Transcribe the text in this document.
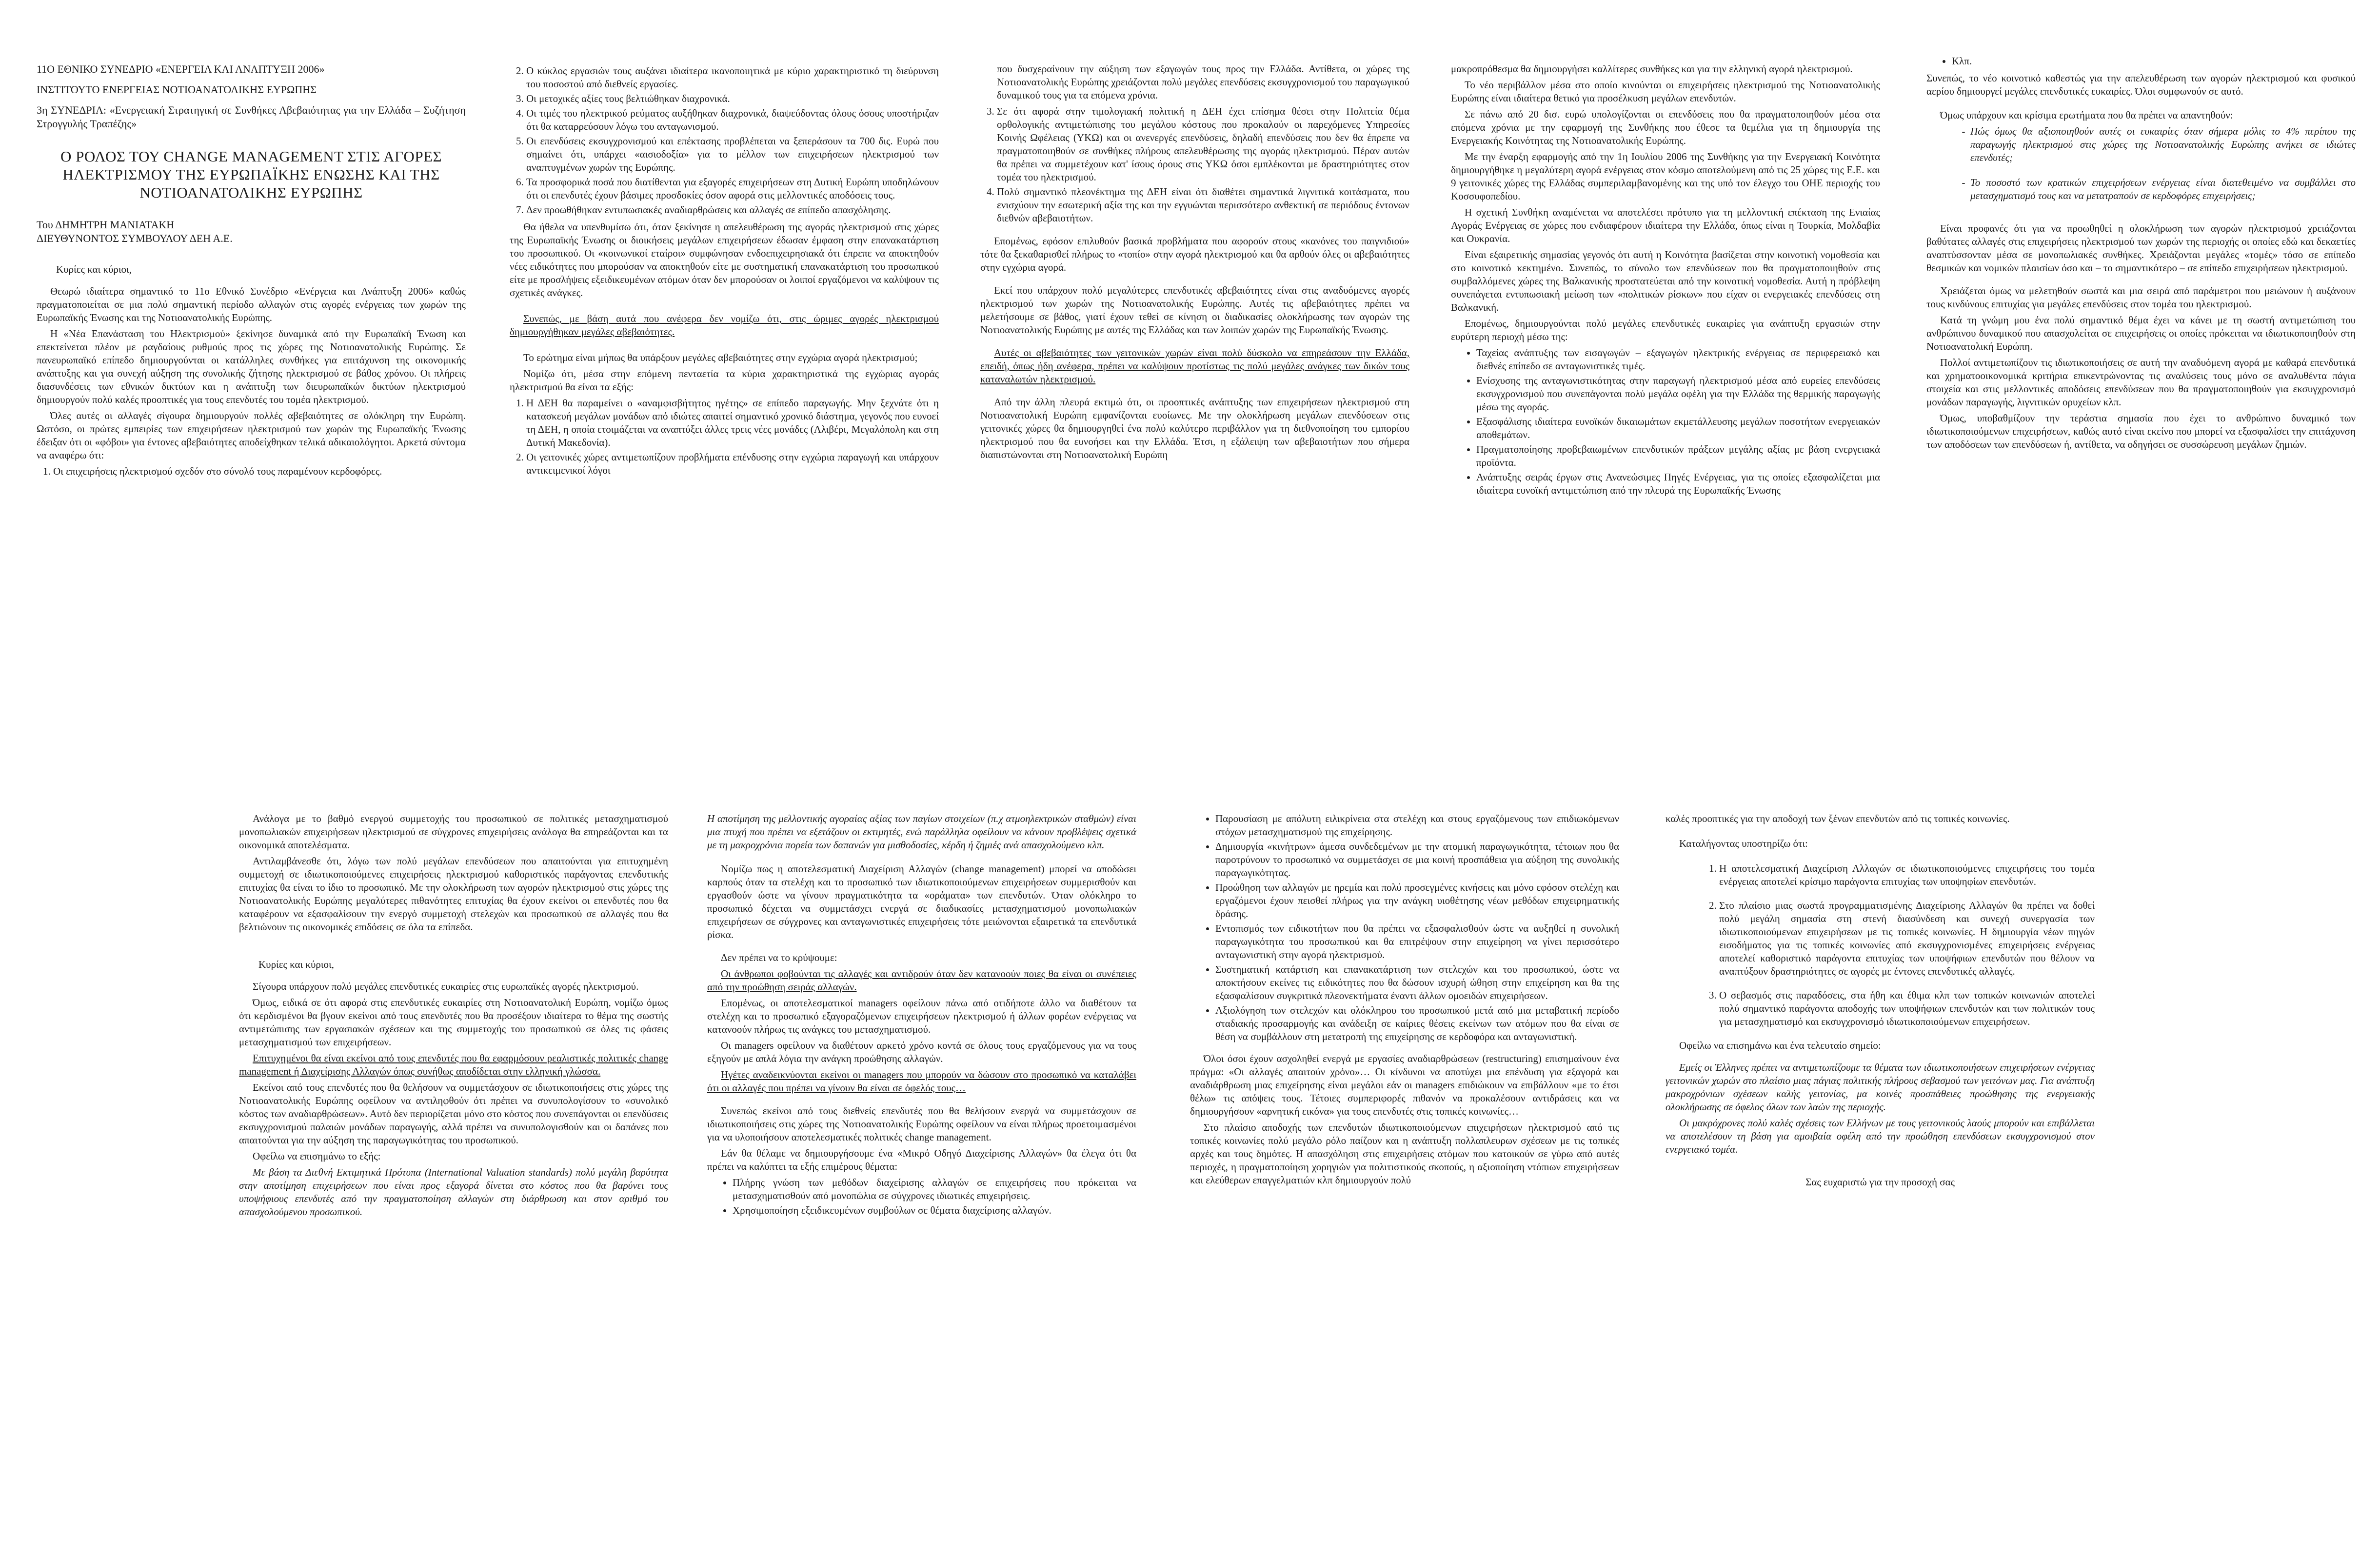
11Ο ΕΘΝΙΚΟ ΣΥΝΕΔΡΙΟ «ΕΝΕΡΓΕΙΑ ΚΑΙ ΑΝΑΠΤΥΞΗ 2006»

ΙΝΣΤΙΤΟΥΤΟ ΕΝΕΡΓΕΙΑΣ ΝΟΤΙΟΑΝΑΤΟΛΙΚΗΣ ΕΥΡΩΠΗΣ

3η ΣΥΝΕΔΡΙΑ: «Ενεργειακή Στρατηγική σε Συνθήκες Αβεβαιότητας για την Ελλάδα – Συζήτηση Στρογγυλής Τραπέζης»

Ο ΡΟΛΟΣ ΤΟΥ CHANGE MANAGEMENT ΣΤΙΣ ΑΓΟΡΕΣ ΗΛΕΚΤΡΙΣΜΟΥ ΤΗΣ ΕΥΡΩΠΑΪΚΗΣ ΕΝΩΣΗΣ ΚΑΙ ΤΗΣ ΝΟΤΙΟΑΝΑΤΟΛΙΚΗΣ ΕΥΡΩΠΗΣ
Του ΔΗΜΗΤΡΗ ΜΑΝΙΑΤΑΚΗ
ΔΙΕΥΘΥΝΟΝΤΟΣ ΣΥΜΒΟΥΛΟΥ ΔΕΗ Α.Ε.

Κυρίες και κύριοι,

Θεωρώ ιδιαίτερα σημαντικό το 11ο Εθνικό Συνέδριο «Ενέργεια και Ανάπτυξη 2006» καθώς πραγματοποιείται σε μια πολύ σημαντική περίοδο αλλαγών στις αγορές ενέργειας των χωρών της Ευρωπαϊκής Ένωσης και της Νοτιοανατολικής Ευρώπης.

Η «Νέα Επανάσταση του Ηλεκτρισμού» ξεκίνησε δυναμικά από την Ευρωπαϊκή Ένωση και επεκτείνεται πλέον με ραγδαίους ρυθμούς προς τις χώρες της Νοτιοανατολικής Ευρώπης. Σε πανευρωπαϊκό επίπεδο δημιουργούνται οι κατάλληλες συνθήκες για επιτάχυνση της οικονομικής ανάπτυξης και για συνεχή αύξηση της συνολικής ζήτησης ηλεκτρισμού σε βάθος χρόνου. Οι πλήρεις διασυνδέσεις των εθνικών δικτύων και η ανάπτυξη των διευρωπαϊκών δικτύων ηλεκτρισμού δημιουργούν πολύ καλές προοπτικές για τους επενδυτές του τομέα ηλεκτρισμού.

Όλες αυτές οι αλλαγές σίγουρα δημιουργούν πολλές αβεβαιότητες σε ολόκληρη την Ευρώπη. Ωστόσο, οι πρώτες εμπειρίες των επιχειρήσεων ηλεκτρισμού των χωρών της Ευρωπαϊκής Ένωσης έδειξαν ότι οι «φόβοι» για έντονες αβεβαιότητες αποδείχθηκαν τελικά αδικαιολόγητοι. Αρκετά σύντομα να αναφέρω ότι:

1. Οι επιχειρήσεις ηλεκτρισμού σχεδόν στο σύνολό τους παραμένουν κερδοφόρες.
2. Ο κύκλος εργασιών τους αυξάνει ιδιαίτερα ικανοποιητικά με κύριο χαρακτηριστικό τη διεύρυνση του ποσοστού από διεθνείς εργασίες.
3. Οι μετοχικές αξίες τους βελτιώθηκαν διαχρονικά.
4. Οι τιμές του ηλεκτρικού ρεύματος αυξήθηκαν διαχρονικά, διαψεύδοντας όλους όσους υποστήριζαν ότι θα καταρρεύσουν λόγω του ανταγωνισμού.
5. Οι επενδύσεις εκσυγχρονισμού και επέκτασης προβλέπεται να ξεπεράσουν τα 700 δις. Ευρώ που σημαίνει ότι, υπάρχει «αισιοδοξία» για το μέλλον των επιχειρήσεων ηλεκτρισμού των αναπτυγμένων χωρών της Ευρώπης.
6. Τα προσφορικά ποσά που διατίθενται για εξαγορές επιχειρήσεων στη Δυτική Ευρώπη υποδηλώνουν ότι οι επενδυτές έχουν βάσιμες προσδοκίες όσον αφορά στις μελλοντικές αποδόσεις τους.
7. Δεν προωθήθηκαν εντυπωσιακές αναδιαρθρώσεις και αλλαγές σε επίπεδο απασχόλησης.

Θα ήθελα να υπενθυμίσω ότι, όταν ξεκίνησε η απελευθέρωση της αγοράς ηλεκτρισμού στις χώρες της Ευρωπαϊκής Ένωσης οι διοικήσεις μεγάλων επιχειρήσεων έδωσαν έμφαση στην επανακατάρτιση του προσωπικού. Οι «κοινωνικοί εταίροι» συμφώνησαν ενδοεπιχειρησιακά ότι έπρεπε να αποκτηθούν νέες ειδικότητες που μπορούσαν να αποκτηθούν είτε με συστηματική επανακατάρτιση του προσωπικού είτε με προσλήψεις εξειδικευμένων ατόμων όταν δεν μπορούσαν οι λοιποί εργαζόμενοι να καλύψουν τις σχετικές ανάγκες.

Συνεπώς, με βάση αυτά που ανέφερα δεν νομίζω ότι, στις ώριμες αγορές ηλεκτρισμού δημιουργήθηκαν μεγάλες αβεβαιότητες.

Το ερώτημα είναι μήπως θα υπάρξουν μεγάλες αβεβαιότητες στην εγχώρια αγορά ηλεκτρισμού;

Νομίζω ότι, μέσα στην επόμενη πενταετία τα κύρια χαρακτηριστικά της εγχώριας αγοράς ηλεκτρισμού θα είναι τα εξής:

1. Η ΔΕΗ θα παραμείνει ο «αναμφισβήτητος ηγέτης» σε επίπεδο παραγωγής. Μην ξεχνάτε ότι η κατασκευή μεγάλων μονάδων από ιδιώτες απαιτεί σημαντικό χρονικό διάστημα, γεγονός που ευνοεί τη ΔΕΗ, η οποία ετοιμάζεται να αναπτύξει άλλες τρεις νέες μονάδες (Αλιβέρι, Μεγαλόπολη και στη Δυτική Μακεδονία).
2. Οι γειτονικές χώρες αντιμετωπίζουν προβλήματα επένδυσης στην εγχώρια παραγωγή και υπάρχουν αντικειμενικοί λόγοι

που δυσχεραίνουν την αύξηση των εξαγωγών τους προς την Ελλάδα. Αντίθετα, οι χώρες της Νοτιοανατολικής Ευρώπης χρειάζονται πολύ μεγάλες επενδύσεις εκσυγχρονισμού του παραγωγικού δυναμικού τους για τα επόμενα χρόνια.

3. Σε ότι αφορά στην τιμολογιακή πολιτική η ΔΕΗ έχει επίσημα θέσει στην Πολιτεία θέμα ορθολογικής αντιμετώπισης του μεγάλου κόστους που προκαλούν οι παρεχόμενες Υπηρεσίες Κοινής Ωφέλειας (ΥΚΩ) και οι ανενεργές επενδύσεις, δηλαδή επενδύσεις που δεν θα έπρεπε να πραγματοποιηθούν σε συνθήκες πλήρους απελευθέρωσης της αγοράς ηλεκτρισμού. Πέραν αυτών θα πρέπει να συμμετέχουν κατ' ίσους όρους στις ΥΚΩ όσοι εμπλέκονται με δραστηριότητες στον τομέα του ηλεκτρισμού.
4. Πολύ σημαντικό πλεονέκτημα της ΔΕΗ είναι ότι διαθέτει σημαντικά λιγνιτικά κοιτάσματα, που ενισχύουν την εσωτερική αξία της και την εγγυώνται περισσότερο ανθεκτική σε περιόδους έντονων διεθνών αβεβαιοτήτων.

Επομένως, εφόσον επιλυθούν βασικά προβλήματα που αφορούν στους «κανόνες του παιγνιδιού» τότε θα ξεκαθαρισθεί πλήρως το «τοπίο» στην αγορά ηλεκτρισμού και θα αρθούν όλες οι αβεβαιότητες στην εγχώρια αγορά.

Εκεί που υπάρχουν πολύ μεγαλύτερες επενδυτικές αβεβαιότητες είναι στις αναδυόμενες αγορές ηλεκτρισμού των χωρών της Νοτιοανατολικής Ευρώπης. Αυτές τις αβεβαιότητες πρέπει να μελετήσουμε σε βάθος, γιατί έχουν τεθεί σε κίνηση οι διαδικασίες ολοκλήρωσης των αγορών της Νοτιοανατολικής Ευρώπης με αυτές της Ελλάδας και των λοιπών χωρών της Ευρωπαϊκής Ένωσης.

Αυτές οι αβεβαιότητες των γειτονικών χωρών είναι πολύ δύσκολο να επηρεάσουν την Ελλάδα, επειδή, όπως ήδη ανέφερα, πρέπει να καλύψουν προτίστως τις πολύ μεγάλες ανάγκες των δικών τους καταναλωτών ηλεκτρισμού.

Από την άλλη πλευρά εκτιμώ ότι, οι προοπτικές ανάπτυξης των επιχειρήσεων ηλεκτρισμού στη Νοτιοανατολική Ευρώπη εμφανίζονται ευοίωνες. Με την ολοκλήρωση μεγάλων επενδύσεων στις γειτονικές χώρες θα δημιουργηθεί ένα πολύ καλύτερο περιβάλλον για τη διεθνοποίηση του εμπορίου ηλεκτρισμού που θα ευνοήσει και την Ελλάδα. Έτσι, η εξάλειψη των αβεβαιοτήτων που σήμερα διαπιστώνονται στη Νοτιοανατολική Ευρώπη

μακροπρόθεσμα θα δημιουργήσει καλλίτερες συνθήκες και για την ελληνική αγορά ηλεκτρισμού.

Το νέο περιβάλλον μέσα στο οποίο κινούνται οι επιχειρήσεις ηλεκτρισμού της Νοτιοανατολικής Ευρώπης είναι ιδιαίτερα θετικό για προσέλκυση μεγάλων επενδυτών.

Σε πάνω από 20 δισ. ευρώ υπολογίζονται οι επενδύσεις που θα πραγματοποιηθούν μέσα στα επόμενα χρόνια με την εφαρμογή της Συνθήκης που έθεσε τα θεμέλια για τη δημιουργία της Ενεργειακής Κοινότητας της Νοτιοανατολικής Ευρώπης.

Με την έναρξη εφαρμογής από την 1η Ιουλίου 2006 της Συνθήκης για την Ενεργειακή Κοινότητα δημιουργήθηκε η μεγαλύτερη αγορά ενέργειας στον κόσμο αποτελούμενη από τις 25 χώρες της Ε.Ε. και 9 γειτονικές χώρες της Ελλάδας συμπεριλαμβανομένης και της υπό τον έλεγχο του ΟΗΕ περιοχής του Κοσσυφοπεδίου.

Η σχετική Συνθήκη αναμένεται να αποτελέσει πρότυπο για τη μελλοντική επέκταση της Ενιαίας Αγοράς Ενέργειας σε χώρες που ενδιαφέρουν ιδιαίτερα την Ελλάδα, όπως είναι η Τουρκία, Μολδαβία και Ουκρανία.

Είναι εξαιρετικής σημασίας γεγονός ότι αυτή η Κοινότητα βασίζεται στην κοινοτική νομοθεσία και στο κοινοτικό κεκτημένο. Συνεπώς, το σύνολο των επενδύσεων που θα πραγματοποιηθούν στις συμβαλλόμενες χώρες της Βαλκανικής προστατεύεται από την κοινοτική νομοθεσία. Αυτή η πρόβλεψη συνεπάγεται εντυπωσιακή μείωση των «πολιτικών ρίσκων» που είχαν οι ενεργειακές επενδύσεις στη Βαλκανική.

Επομένως, δημιουργούνται πολύ μεγάλες επενδυτικές ευκαιρίες για ανάπτυξη εργασιών στην ευρύτερη περιοχή μέσω της:

• Ταχείας ανάπτυξης των εισαγωγών – εξαγωγών ηλεκτρικής ενέργειας σε περιφερειακό και διεθνές επίπεδο σε ανταγωνιστικές τιμές.
• Ενίσχυσης της ανταγωνιστικότητας στην παραγωγή ηλεκτρισμού μέσα από ευρείες επενδύσεις εκσυγχρονισμού που συνεπάγονται πολύ μεγάλα οφέλη για την Ελλάδα της θερμικής παραγωγής μέσω της αγοράς.
• Εξασφάλισης ιδιαίτερα ευνοϊκών δικαιωμάτων εκμετάλλευσης μεγάλων ποσοτήτων ενεργειακών αποθεμάτων.
• Πραγματοποίησης προβεβαιωμένων επενδυτικών πράξεων μεγάλης αξίας με βάση ενεργειακά προϊόντα.
• Ανάπτυξης σειράς έργων στις Ανανεώσιμες Πηγές Ενέργειας, για τις οποίες εξασφαλίζεται μια ιδιαίτερα ευνοϊκή αντιμετώπιση από την πλευρά της Ευρωπαϊκής Ένωσης
• Κλπ.

Συνεπώς, το νέο κοινοτικό καθεστώς για την απελευθέρωση των αγορών ηλεκτρισμού και φυσικού αερίου δημιουργεί μεγάλες επενδυτικές ευκαιρίες. Όλοι συμφωνούν σε αυτό.

Όμως υπάρχουν και κρίσιμα ερωτήματα που θα πρέπει να απαντηθούν:

- Πώς όμως θα αξιοποιηθούν αυτές οι ευκαιρίες όταν σήμερα μόλις το 4% περίπου της παραγωγής ηλεκτρισμού στις χώρες της Νοτιοανατολικής Ευρώπης ανήκει σε ιδιώτες επενδυτές;
- Το ποσοστό των κρατικών επιχειρήσεων ενέργειας είναι διατεθειμένο να συμβάλλει στο μετασχηματισμό τους και να μετατραπούν σε κερδοφόρες επιχειρήσεις;

Είναι προφανές ότι για να προωθηθεί η ολοκλήρωση των αγορών ηλεκτρισμού χρειάζονται βαθύτατες αλλαγές στις επιχειρήσεις ηλεκτρισμού των χωρών της περιοχής οι οποίες εδώ και δεκαετίες αναπτύσσονταν μέσα σε μονοπωλιακές συνθήκες. Χρειάζονται μεγάλες «τομές» τόσο σε επίπεδο θεσμικών και νομικών πλαισίων όσο και – το σημαντικότερο – σε επίπεδο επιχειρήσεων ηλεκτρισμού.

Χρειάζεται όμως να μελετηθούν σωστά και μια σειρά από παράμετροι που μειώνουν ή αυξάνουν τους κινδύνους επιτυχίας για μεγάλες επενδύσεις στον τομέα του ηλεκτρισμού.

Κατά τη γνώμη μου ένα πολύ σημαντικό θέμα έχει να κάνει με τη σωστή αντιμετώπιση του ανθρώπινου δυναμικού που απασχολείται σε επιχειρήσεις οι οποίες πρόκειται να ιδιωτικοποιηθούν στη Νοτιοανατολική Ευρώπη.

Πολλοί αντιμετωπίζουν τις ιδιωτικοποιήσεις σε αυτή την αναδυόμενη αγορά με καθαρά επενδυτικά και χρηματοοικονομικά κριτήρια επικεντρώνοντας τις αναλύσεις τους μόνο σε αναλυθέντα πάγια στοιχεία και στις μελλοντικές αποδόσεις επενδύσεων που θα πραγματοποιηθούν για εκσυγχρονισμό μονάδων παραγωγής, λιγνιτικών ορυχείων κλπ.

Όμως, υποβαθμίζουν την τεράστια σημασία που έχει το ανθρώπινο δυναμικό των ιδιωτικοποιούμενων επιχειρήσεων, καθώς αυτό είναι εκείνο που μπορεί να εξασφαλίσει την επιτάχυνση των αποδόσεων των επενδύσεων ή, αντίθετα, να οδηγήσει σε συσσώρευση μεγάλων ζημιών.

Ανάλογα με το βαθμό ενεργού συμμετοχής του προσωπικού σε πολιτικές μετασχηματισμού μονοπωλιακών επιχειρήσεων ηλεκτρισμού σε σύγχρονες επιχειρήσεις ανάλογα θα επηρεάζονται και τα οικονομικά αποτελέσματα.

Αντιλαμβάνεσθε ότι, λόγω των πολύ μεγάλων επενδύσεων που απαιτούνται για επιτυχημένη συμμετοχή σε ιδιωτικοποιούμενες επιχειρήσεις ηλεκτρισμού καθοριστικός παράγοντας επενδυτικής επιτυχίας θα είναι το ίδιο το προσωπικό. Με την ολοκλήρωση των αγορών ηλεκτρισμού στις χώρες της Νοτιοανατολικής Ευρώπης μεγαλύτερες πιθανότητες επιτυχίας θα έχουν εκείνοι οι επενδυτές που θα καταφέρουν να εξασφαλίσουν την ενεργό συμμετοχή στελεχών και προσωπικού σε αλλαγές που θα βελτιώνουν τις οικονομικές επιδόσεις σε όλα τα επίπεδα.

Κυρίες και κύριοι,

Σίγουρα υπάρχουν πολύ μεγάλες επενδυτικές ευκαιρίες στις ευρωπαϊκές αγορές ηλεκτρισμού.

Όμως, ειδικά σε ότι αφορά στις επενδυτικές ευκαιρίες στη Νοτιοανατολική Ευρώπη, νομίζω όμως ότι κερδισμένοι θα βγουν εκείνοι από τους επενδυτές που θα προσέξουν ιδιαίτερα το θέμα της σωστής αντιμετώπισης των εργασιακών σχέσεων και της συμμετοχής του προσωπικού σε όλες τις φάσεις μετασχηματισμού των επιχειρήσεων.

Επιτυχημένοι θα είναι εκείνοι από τους επενδυτές που θα εφαρμόσουν ρεαλιστικές πολιτικές change management ή Διαχείρισης Αλλαγών όπως συνήθως αποδίδεται στην ελληνική γλώσσα.

Εκείνοι από τους επενδυτές που θα θελήσουν να συμμετάσχουν σε ιδιωτικοποιήσεις στις χώρες της Νοτιοανατολικής Ευρώπης οφείλουν να αντιληφθούν ότι πρέπει να συνυπολογίσουν το «συνολικό κόστος των αναδιαρθρώσεων». Αυτό δεν περιορίζεται μόνο στο κόστος που συνεπάγονται οι επενδύσεις εκσυγχρονισμού παλαιών μονάδων παραγωγής, αλλά πρέπει να συνυπολογισθούν και οι δαπάνες που απαιτούνται για την αύξηση της παραγωγικότητας του προσωπικού.

Οφείλω να επισημάνω το εξής:

Με βάση τα Διεθνή Εκτιμητικά Πρότυπα (International Valuation standards) πολύ μεγάλη βαρύτητα στην αποτίμηση επιχειρήσεων που είναι προς εξαγορά δίνεται στο κόστος που θα βαρύνει τους υποψήφιους επενδυτές από την πραγματοποίηση αλλαγών στη διάρθρωση και στον αριθμό του απασχολούμενου προσωπικού.

Η αποτίμηση της μελλοντικής αγοραίας αξίας των παγίων στοιχείων (π.χ ατμοηλεκτρικών σταθμών) είναι μια πτυχή που πρέπει να εξετάζουν οι εκτιμητές, ενώ παράλληλα οφείλουν να κάνουν προβλέψεις σχετικά με τη μακροχρόνια πορεία των δαπανών για μισθοδοσίες, κέρδη ή ζημιές ανά απασχολούμενο κλπ.

Νομίζω πως η αποτελεσματική Διαχείριση Αλλαγών (change management) μπορεί να αποδώσει καρπούς όταν τα στελέχη και το προσωπικό των ιδιωτικοποιούμενων επιχειρήσεων συμμερισθούν και εργασθούν ώστε να γίνουν πραγματικότητα τα «οράματα» των επενδυτών. Όταν ολόκληρο το προσωπικό δέχεται να συμμετάσχει ενεργά σε διαδικασίες μετασχηματισμού μονοπωλιακών επιχειρήσεων σε σύγχρονες και ανταγωνιστικές επιχειρήσεις τότε μειώνονται εξαιρετικά τα επενδυτικά ρίσκα.

Δεν πρέπει να το κρύψουμε:

Οι άνθρωποι φοβούνται τις αλλαγές και αντιδρούν όταν δεν κατανοούν ποιες θα είναι οι συνέπειες από την προώθηση σειράς αλλαγών.

Επομένως, οι αποτελεσματικοί managers οφείλουν πάνω από οτιδήποτε άλλο να διαθέτουν τα στελέχη και το προσωπικό εξαγοραζόμενων επιχειρήσεων ηλεκτρισμού ή άλλων φορέων ενέργειας να κατανοούν πλήρως τις ανάγκες του μετασχηματισμού.

Οι managers οφείλουν να διαθέτουν αρκετό χρόνο κοντά σε όλους τους εργαζόμενους για να τους εξηγούν με απλά λόγια την ανάγκη προώθησης αλλαγών.

Ηγέτες αναδεικνύονται εκείνοι οι managers που μπορούν να δώσουν στο προσωπικό να καταλάβει ότι οι αλλαγές που πρέπει να γίνουν θα είναι σε όφελός τους…

Συνεπώς εκείνοι από τους διεθνείς επενδυτές που θα θελήσουν ενεργά να συμμετάσχουν σε ιδιωτικοποιήσεις στις χώρες της Νοτιοανατολικής Ευρώπης οφείλουν να είναι πλήρως προετοιμασμένοι για να υλοποιήσουν αποτελεσματικές πολιτικές change management.

Εάν θα θέλαμε να δημιουργήσουμε ένα «Μικρό Οδηγό Διαχείρισης Αλλαγών» θα έλεγα ότι θα πρέπει να καλύπτει τα εξής επιμέρους θέματα:

• Πλήρης γνώση των μεθόδων διαχείρισης αλλαγών σε επιχειρήσεις που πρόκειται να μετασχηματισθούν από μονοπώλια σε σύγχρονες ιδιωτικές επιχειρήσεις.
• Χρησιμοποίηση εξειδικευμένων συμβούλων σε θέματα διαχείρισης αλλαγών.
• Παρουσίαση με απόλυτη ειλικρίνεια στα στελέχη και στους εργαζόμενους των επιδιωκόμενων στόχων μετασχηματισμού της επιχείρησης.
• Δημιουργία «κινήτρων» άμεσα συνδεδεμένων με την ατομική παραγωγικότητα, τέτοιων που θα παροτρύνουν το προσωπικό να συμμετάσχει σε μια κοινή προσπάθεια για αύξηση της συνολικής παραγωγικότητας.
• Προώθηση των αλλαγών με ηρεμία και πολύ προσεγμένες κινήσεις και μόνο εφόσον στελέχη και εργαζόμενοι έχουν πεισθεί πλήρως για την ανάγκη υιοθέτησης νέων μεθόδων επιχειρηματικής δράσης.
• Εντοπισμός των ειδικοτήτων που θα πρέπει να εξασφαλισθούν ώστε να αυξηθεί η συνολική παραγωγικότητα του προσωπικού και θα επιτρέψουν στην επιχείρηση να γίνει περισσότερο ανταγωνιστική στην αγορά ηλεκτρισμού.
• Συστηματική κατάρτιση και επανακατάρτιση των στελεχών και του προσωπικού, ώστε να αποκτήσουν εκείνες τις ειδικότητες που θα δώσουν ισχυρή ώθηση στην επιχείρηση και θα της εξασφαλίσουν συγκριτικά πλεονεκτήματα έναντι άλλων ομοειδών επιχειρήσεων.
• Αξιολόγηση των στελεχών και ολόκληρου του προσωπικού μετά από μια μεταβατική περίοδο σταδιακής προσαρμογής και ανάδειξη σε καίριες θέσεις εκείνων των ατόμων που θα είναι σε θέση να συμβάλλουν στη μετατροπή της επιχείρησης σε κερδοφόρα και ανταγωνιστική.

Όλοι όσοι έχουν ασχοληθεί ενεργά με εργασίες αναδιαρθρώσεων (restructuring) επισημαίνουν ένα πράγμα: «Οι αλλαγές απαιτούν χρόνο»… Οι κίνδυνοι να αποτύχει μια επένδυση για εξαγορά και αναδιάρθρωση μιας επιχείρησης είναι μεγάλοι εάν οι managers επιδιώκουν να επιβάλλουν «με το έτσι θέλω» τις απόψεις τους. Τέτοιες συμπεριφορές πιθανόν να προκαλέσουν αντιδράσεις και να δημιουργήσουν «αρνητική εικόνα» για τους επενδυτές στις τοπικές κοινωνίες…

Στο πλαίσιο αποδοχής των επενδυτών ιδιωτικοποιούμενων επιχειρήσεων ηλεκτρισμού από τις τοπικές κοινωνίες πολύ μεγάλο ρόλο παίζουν και η ανάπτυξη πολλαπλευρων σχέσεων με τις τοπικές αρχές και τους δημότες. Η απασχόληση στις επιχειρήσεις ατόμων που κατοικούν σε γύρω από αυτές περιοχές, η πραγματοποίηση χορηγιών για πολιτιστικούς σκοπούς, η αξιοποίηση ντόπιων επιχειρήσεων και ελεύθερων επαγγελματιών κλπ δημιουργούν πολύ

καλές προοπτικές για την αποδοχή των ξένων επενδυτών από τις τοπικές κοινωνίες.

Καταλήγοντας υποστηρίζω ότι:

1. Η αποτελεσματική Διαχείριση Αλλαγών σε ιδιωτικοποιούμενες επιχειρήσεις του τομέα ενέργειας αποτελεί κρίσιμο παράγοντα επιτυχίας των υποψηφίων επενδυτών.
2. Στο πλαίσιο μιας σωστά προγραμματισμένης Διαχείρισης Αλλαγών θα πρέπει να δοθεί πολύ μεγάλη σημασία στη στενή διασύνδεση και συνεχή συνεργασία των ιδιωτικοποιούμενων επιχειρήσεων με τις τοπικές κοινωνίες. Η δημιουργία νέων πηγών εισοδήματος για τις τοπικές κοινωνίες από εκσυγχρονισμένες επιχειρήσεις ενέργειας αποτελεί καθοριστικό παράγοντα επιτυχίας των υποψήφιων επενδυτών που θέλουν να αναπτύξουν δραστηριότητες σε αγορές με έντονες επενδυτικές αλλαγές.
3. Ο σεβασμός στις παραδόσεις, στα ήθη και έθιμα κλπ των τοπικών κοινωνιών αποτελεί πολύ σημαντικό παράγοντα αποδοχής των υποψήφιων επενδυτών και των πολιτικών τους για μετασχηματισμό και εκσυγχρονισμό ιδιωτικοποιούμενων επιχειρήσεων.

Οφείλω να επισημάνω και ένα τελευταίο σημείο:

Εμείς οι Έλληνες πρέπει να αντιμετωπίζουμε τα θέματα των ιδιωτικοποιήσεων επιχειρήσεων ενέργειας γειτονικών χωρών στο πλαίσιο μιας πάγιας πολιτικής πλήρους σεβασμού των γειτόνων μας. Για ανάπτυξη μακροχρόνιων σχέσεων καλής γειτονίας, μα κοινές προσπάθειες προώθησης της ενεργειακής ολοκλήρωσης σε όφελος όλων των λαών της περιοχής.

Οι μακρόχρονες πολύ καλές σχέσεις των Ελλήνων με τους γειτονικούς λαούς μπορούν και επιβάλλεται να αποτελέσουν τη βάση για αμοιβαία οφέλη από την προώθηση επενδύσεων εκσυγχρονισμού στον ενεργειακό τομέα.

Σας ευχαριστώ για την προσοχή σας
